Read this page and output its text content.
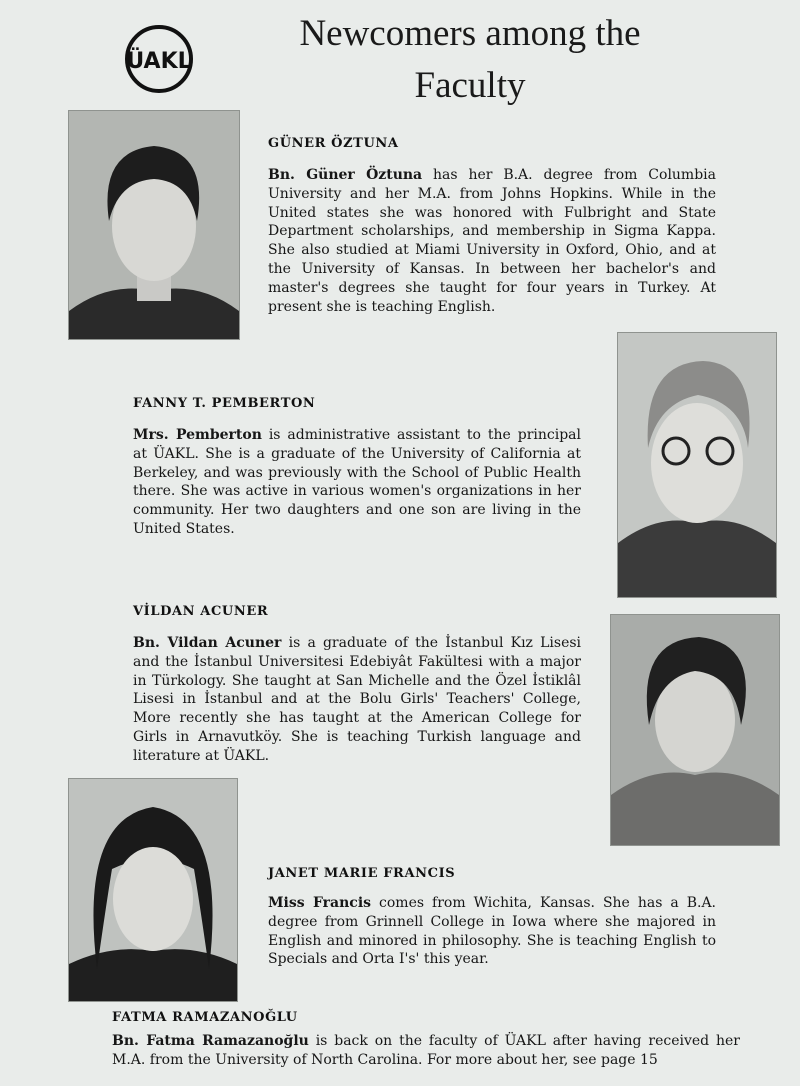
ÜAKL
Newcomers among the
Faculty
GÜNER ÖZTUNA
Bn. Güner Öztuna has her B.A. degree from Columbia University and her M.A. from Johns Hopkins. While in the United states she was honored with Fulbright and State Department scholarships, and membership in Sigma Kappa. She also studied at Miami University in Oxford, Ohio, and at the University of Kansas. In between her bachelor's and master's degrees she taught for four years in Turkey. At present she is teaching English.
FANNY T. PEMBERTON
Mrs. Pemberton is administrative assistant to the principal at ÜAKL. She is a graduate of the University of California at Berkeley, and was previously with the School of Public Health there. She was active in various women's organizations in her community. Her two daughters and one son are living in the United States.
VİLDAN ACUNER
Bn. Vildan Acuner is a graduate of the İstanbul Kız Lisesi and the İstanbul Universitesi Edebiyât Fakültesi with a major in Türkology. She taught at San Michelle and the Özel İstiklâl Lisesi in İstanbul and at the Bolu Girls' Teachers' College, More recently she has taught at the American College for Girls in Arnavutköy. She is teaching Turkish language and literature at ÜAKL.
JANET MARIE FRANCIS
Miss Francis comes from Wichita, Kansas. She has a B.A. degree from Grinnell College in Iowa where she majored in English and minored in philosophy. She is teaching English to Specials and Orta I's' this year.
FATMA RAMAZANOĞLU
Bn. Fatma Ramazanoğlu is back on the faculty of ÜAKL after having received her M.A. from the University of North Carolina. For more about her, see page 15
